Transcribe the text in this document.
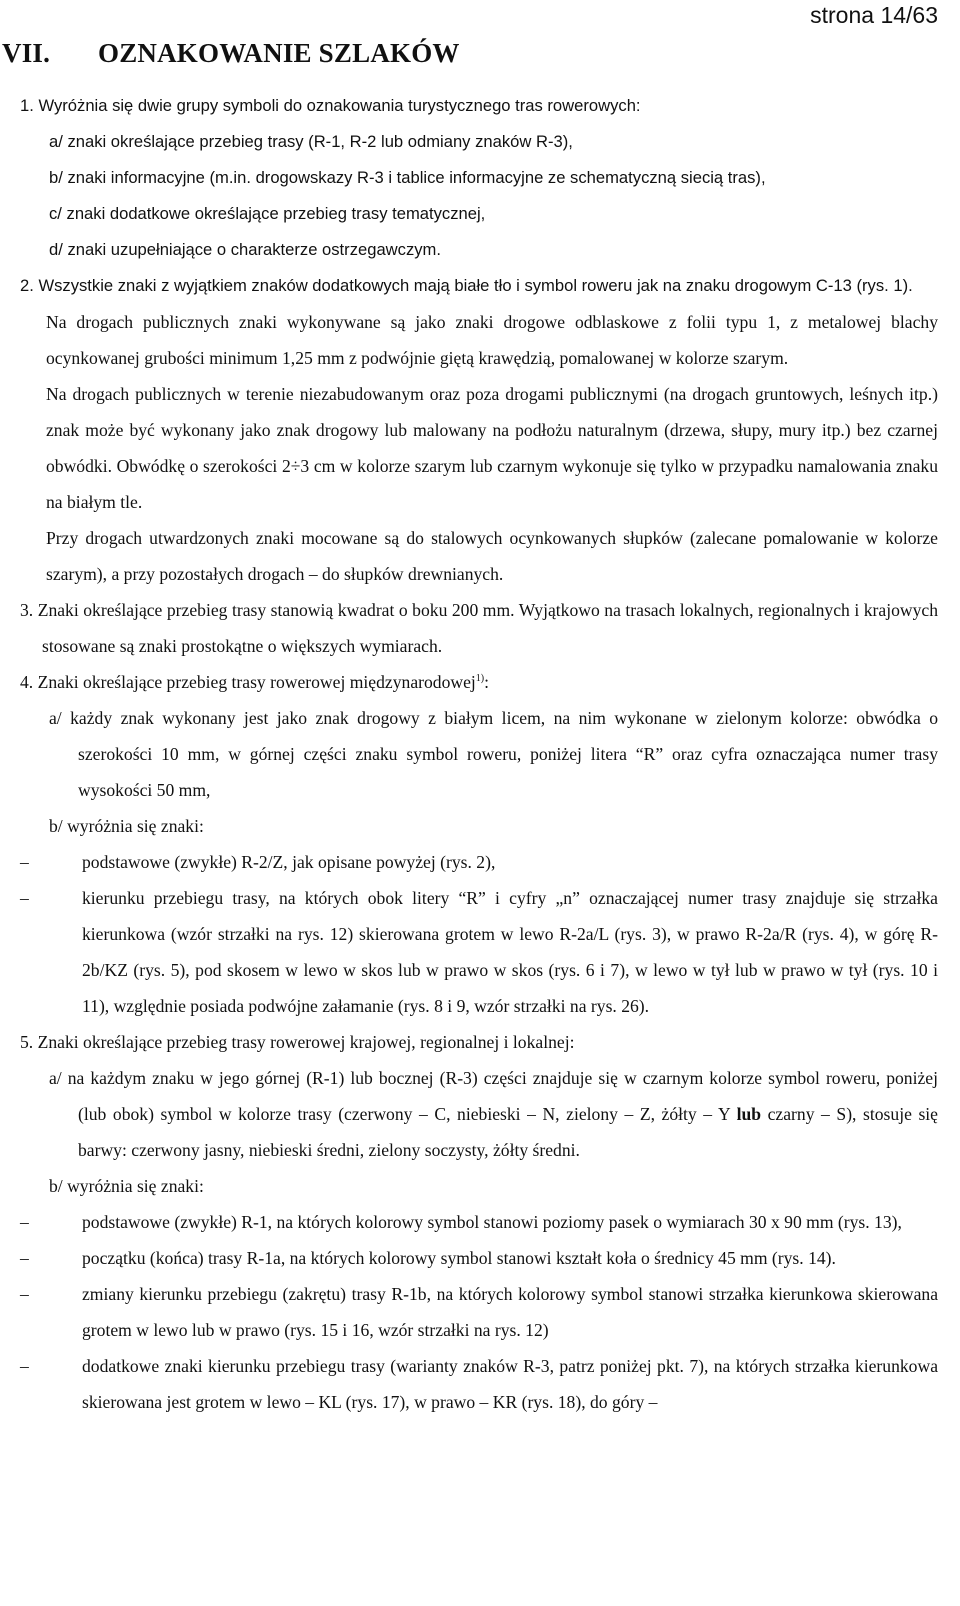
strona 14/63
VII. OZNAKOWANIE SZLAKÓW

1. Wyróżnia się dwie grupy symboli do oznakowania turystycznego tras rowerowych:

a/ znaki określające przebieg trasy (R-1, R-2 lub odmiany znaków R-3),

b/ znaki informacyjne (m.in. drogowskazy R-3 i tablice informacyjne ze schematyczną siecią tras),

c/ znaki dodatkowe określające przebieg trasy tematycznej,

d/ znaki uzupełniające o charakterze ostrzegawczym.

2. Wszystkie znaki z wyjątkiem znaków dodatkowych mają białe tło i symbol roweru jak na znaku drogowym C-13 (rys. 1).

Na drogach publicznych znaki wykonywane są jako znaki drogowe odblaskowe z folii typu 1, z metalowej blachy ocynkowanej grubości minimum 1,25 mm z podwójnie giętą krawędzią, pomalowanej w kolorze szarym.

Na drogach publicznych w terenie niezabudowanym oraz poza drogami publicznymi (na drogach gruntowych, leśnych itp.) znak może być wykonany jako znak drogowy lub malowany na podłożu naturalnym (drzewa, słupy, mury itp.) bez czarnej obwódki. Obwódkę o szerokości 2÷3 cm w kolorze szarym lub czarnym wykonuje się tylko w przypadku namalowania znaku na białym tle.

Przy drogach utwardzonych znaki mocowane są do stalowych ocynkowanych słupków (zalecane pomalowanie w kolorze szarym), a przy pozostałych drogach – do słupków drewnianych.

3. Znaki określające przebieg trasy stanowią kwadrat o boku 200 mm. Wyjątkowo na trasach lokalnych, regionalnych i krajowych stosowane są znaki prostokątne o większych wymiarach.

4. Znaki określające przebieg trasy rowerowej międzynarodowej$^{1)}$:

a/ każdy znak wykonany jest jako znak drogowy z białym licem, na nim wykonane w zielonym kolorze: obwódka o szerokości 10 mm, w górnej części znaku symbol roweru, poniżej litera “R” oraz cyfra oznaczająca numer trasy wysokości 50 mm,

b/ wyróżnia się znaki:

–	podstawowe (zwykłe) R-2/Z, jak opisane powyżej (rys. 2),
–	kierunku przebiegu trasy, na których obok litery “R” i cyfry „n” oznaczającej numer trasy znajduje się strzałka kierunkowa (wzór strzałki na rys. 12) skierowana grotem w lewo R-2a/L (rys. 3), w prawo R-2a/R (rys. 4), w górę R-2b/KZ (rys. 5), pod skosem w lewo w skos lub w prawo w skos (rys. 6 i 7), w lewo w tył lub w prawo w tył (rys. 10 i 11), względnie posiada podwójne załamanie (rys. 8 i 9, wzór strzałki na rys. 26).

5. Znaki określające przebieg trasy rowerowej krajowej, regionalnej i lokalnej:

a/ na każdym znaku w jego górnej (R-1) lub bocznej (R-3) części znajduje się w czarnym kolorze symbol roweru, poniżej (lub obok) symbol w kolorze trasy (czerwony – C, niebieski – N, zielony – Z, żółty – Y lub czarny – S), stosuje się barwy: czerwony jasny, niebieski średni, zielony soczysty, żółty średni.

b/ wyróżnia się znaki:

–	podstawowe (zwykłe) R-1, na których kolorowy symbol stanowi poziomy pasek o wymiarach 30 x 90 mm (rys. 13),
–	początku (końca) trasy R-1a, na których kolorowy symbol stanowi kształt koła o średnicy 45 mm (rys. 14).
–	zmiany kierunku przebiegu (zakrętu) trasy R-1b, na których kolorowy symbol stanowi strzałka kierunkowa skierowana grotem w lewo lub w prawo (rys. 15 i 16, wzór strzałki na rys. 12)
–	dodatkowe znaki kierunku przebiegu trasy (warianty znaków R-3, patrz poniżej pkt. 7), na których strzałka kierunkowa skierowana jest grotem w lewo – KL (rys. 17), w prawo – KR (rys. 18), do góry –
